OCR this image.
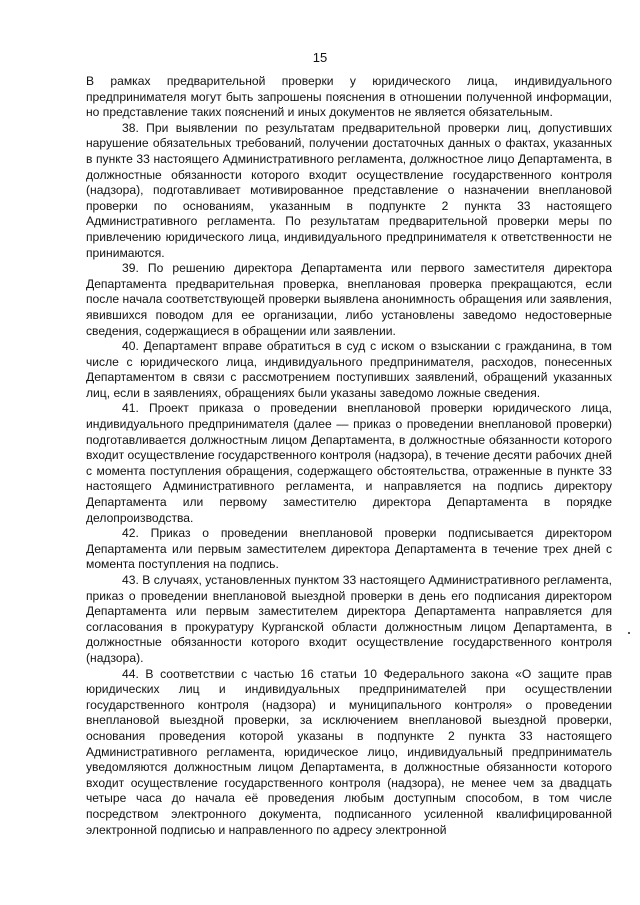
15

В рамках предварительной проверки у юридического лица, индивидуального предпринимателя могут быть запрошены пояснения в отношении полученной информации, но представление таких пояснений и иных документов не является обязательным.

38. При выявлении по результатам предварительной проверки лиц, допустивших нарушение обязательных требований, получении достаточных данных о фактах, указанных в пункте 33 настоящего Административного регламента, должностное лицо Департамента, в должностные обязанности которого входит осуществление государственного контроля (надзора), подготавливает мотивированное представление о назначении внеплановой проверки по основаниям, указанным в подпункте 2 пункта 33 настоящего Административного регламента. По результатам предварительной проверки меры по привлечению юридического лица, индивидуального предпринимателя к ответственности не принимаются.

39. По решению директора Департамента или первого заместителя директора Департамента предварительная проверка, внеплановая проверка прекращаются, если после начала соответствующей проверки выявлена анонимность обращения или заявления, явившихся поводом для ее организации, либо установлены заведомо недостоверные сведения, содержащиеся в обращении или заявлении.

40. Департамент вправе обратиться в суд с иском о взыскании с гражданина, в том числе с юридического лица, индивидуального предпринимателя, расходов, понесенных Департаментом в связи с рассмотрением поступивших заявлений, обращений указанных лиц, если в заявлениях, обращениях были указаны заведомо ложные сведения.

41. Проект приказа о проведении внеплановой проверки юридического лица, индивидуального предпринимателя (далее — приказ о проведении внеплановой проверки) подготавливается должностным лицом Департамента, в должностные обязанности которого входит осуществление государственного контроля (надзора), в течение десяти рабочих дней с момента поступления обращения, содержащего обстоятельства, отраженные в пункте 33 настоящего Административного регламента, и направляется на подпись директору Департамента или первому заместителю директора Департамента в порядке делопроизводства.

42. Приказ о проведении внеплановой проверки подписывается директором Департамента или первым заместителем директора Департамента в течение трех дней с момента поступления на подпись.

43. В случаях, установленных пунктом 33 настоящего Административного регламента, приказ о проведении внеплановой выездной проверки в день его подписания директором Департамента или первым заместителем директора Департамента направляется для согласования в прокуратуру Курганской области должностным лицом Департамента, в должностные обязанности которого входит осуществление государственного контроля (надзора).

44. В соответствии с частью 16 статьи 10 Федерального закона «О защите прав юридических лиц и индивидуальных предпринимателей при осуществлении государственного контроля (надзора) и муниципального контроля» о проведении внеплановой выездной проверки, за исключением внеплановой выездной проверки, основания проведения которой указаны в подпункте 2 пункта 33 настоящего Административного регламента, юридическое лицо, индивидуальный предприниматель уведомляются должностным лицом Департамента, в должностные обязанности которого входит осуществление государственного контроля (надзора), не менее чем за двадцать четыре часа до начала её проведения любым доступным способом, в том числе посредством электронного документа, подписанного усиленной квалифицированной электронной подписью и направленного по адресу электронной
